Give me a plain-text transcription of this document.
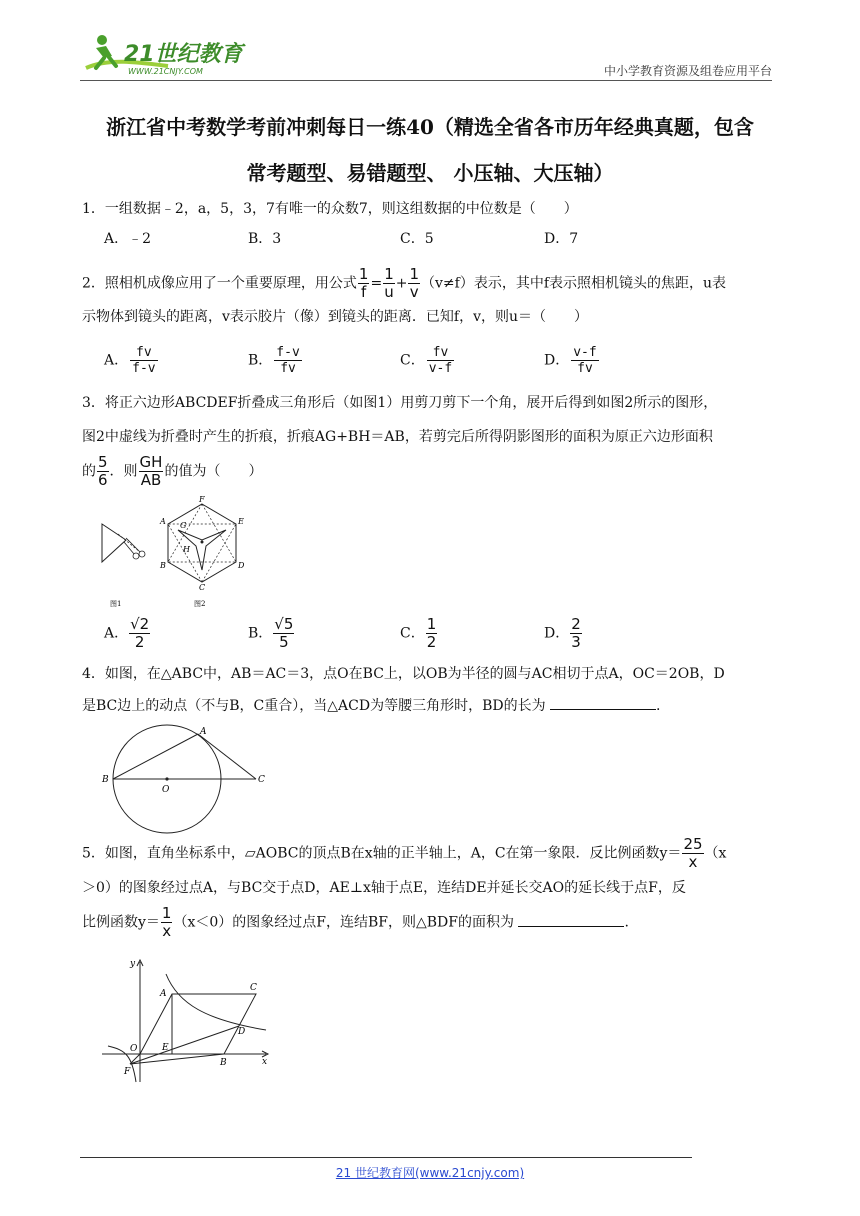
21世纪教育
WWW.21CNJY.COM	中小学教育资源及组卷应用平台
浙江省中考数学考前冲刺每日一练40（精选全省各市历年经典真题，包含
常考题型、易错题型、 小压轴、大压轴）
1．一组数据﹣2，a，5，3，7有唯一的众数7，则这组数据的中位数是（　　）
A．﹣2	B．3	C．5	D．7
2．照相机成像应用了一个重要原理，用公式 $\frac{1}{f} = \frac{1}{u} + \frac{1}{v} (v\ne f)$表示，其中f表示照相机镜头的焦距，u表
示物体到镜头的距离，v表示胶片（像）到镜头的距离．已知f，v，则u＝（　　）
A． $\frac{fv}{f-v}$	B． $\frac{f-v}{fv}$	C． $\frac{fv}{v-f}$	D． $\frac{v-f}{fv}$
3．将正六边形ABCDEF折叠成三角形后（如图1）用剪刀剪下一个角，展开后得到如图2所示的图形，
图2中虚线为折叠时产生的折痕，折痕AG+BH＝AB，若剪完后所得阴影图形的面积为原正六边形面积
的 $\frac{5}{6}$ ．则 $\frac{GH}{AB}$ 的值为（　　）
图1
F
A	E
G
H
B	D
C
图2
A． $\frac{√2}{2}$	B． $\frac{√5}{5}$	C． $\frac{1}{2}$	D． $\frac{2}{3}$
4．如图，在△ABC中，AB＝AC＝3，点O在BC上，以OB为半径的圆与AC相切于点A，OC＝2OB，D
是BC边上的动点（不与B，C重合），当△ACD为等腰三角形时，BD的长为	.
A
B
O
C
5．如图，直角坐标系中，▱AOBC的顶点B在x轴的正半轴上，A，C在第一象限．反比例函数$y= \frac{25}{x} (x$
＞0）的图象经过点A，与BC交于点D，AE⊥x轴于点E，连结DE并延长交AO的延长线于点F，反
比例函数$y= \frac{1}{x} (x<0)$的图象经过点F，连结BF，则△BDF的面积为	.
y
A
C
D
O	E
B	x
F
21 世纪教育网(www.21cnjy.com)
